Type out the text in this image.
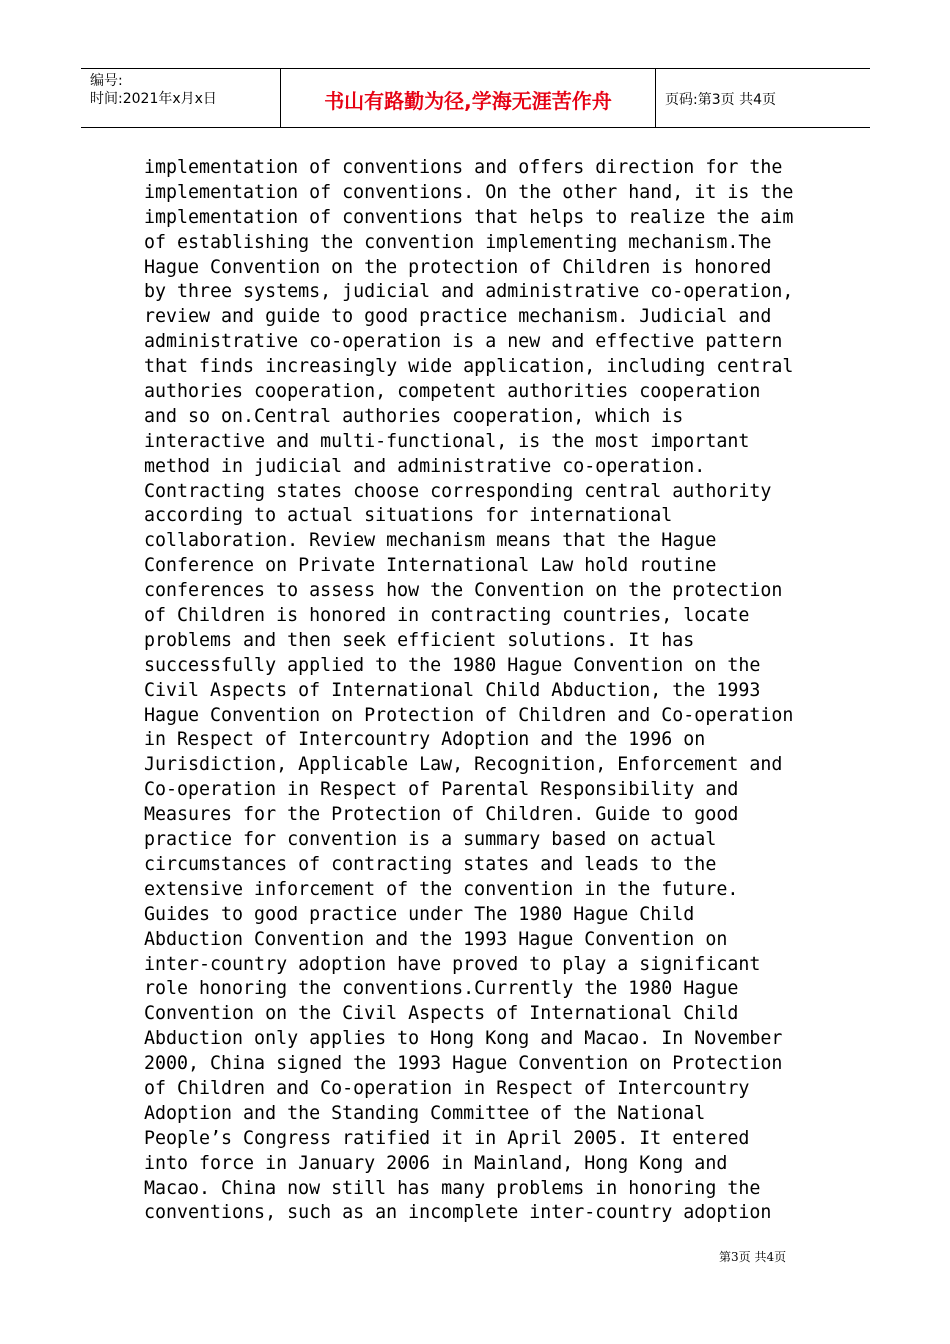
编号:
时间:2021年x月x日	书山有路勤为径,学海无涯苦作舟	页码:第3页 共4页
implementation of conventions and offers direction for the
implementation of conventions. On the other hand, it is the
implementation of conventions that helps to realize the aim
of establishing the convention implementing mechanism.The
Hague Convention on the protection of Children is honored
by three systems, judicial and administrative co-operation,
review and guide to good practice mechanism. Judicial and
administrative co-operation is a new and effective pattern
that finds increasingly wide application, including central
authories cooperation, competent authorities cooperation
and so on.Central authories cooperation, which is
interactive and multi-functional, is the most important
method in judicial and administrative co-operation.
Contracting states choose corresponding central authority
according to actual situations for international
collaboration. Review mechanism means that the Hague
Conference on Private International Law hold routine
conferences to assess how the Convention on the protection
of Children is honored in contracting countries, locate
problems and then seek efficient solutions. It has
successfully applied to the 1980 Hague Convention on the
Civil Aspects of International Child Abduction, the 1993
Hague Convention on Protection of Children and Co-operation
in Respect of Intercountry Adoption and the 1996 on
Jurisdiction, Applicable Law, Recognition, Enforcement and
Co-operation in Respect of Parental Responsibility and
Measures for the Protection of Children. Guide to good
practice for convention is a summary based on actual
circumstances of contracting states and leads to the
extensive inforcement of the convention in the future.
Guides to good practice under The 1980 Hague Child
Abduction Convention and the 1993 Hague Convention on
inter-country adoption have proved to play a significant
role honoring the conventions.Currently the 1980 Hague
Convention on the Civil Aspects of International Child
Abduction only applies to Hong Kong and Macao. In November
2000, China signed the 1993 Hague Convention on Protection
of Children and Co-operation in Respect of Intercountry
Adoption and the Standing Committee of the National
People’s Congress ratified it in April 2005. It entered
into force in January 2006 in Mainland, Hong Kong and
Macao. China now still has many problems in honoring the
conventions, such as an incomplete inter-country adoption
第3页 共4页
